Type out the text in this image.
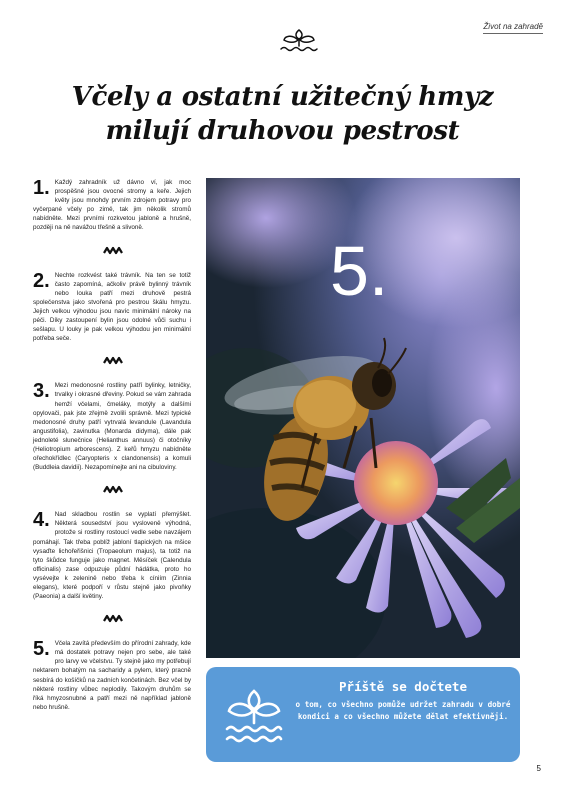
Život na zahradě
Včely a ostatní užitečný hmyz
milují druhovou pestrost
1. Každý zahradník už dávno ví, jak moc prospěšné jsou ovocné stromy a keře. Jejich květy jsou mnohdy prvním zdrojem potravy pro vyčerpané včely po zimě, tak jim několik stromů nabídněte. Mezi prvními rozkvetou jabloně a hrušně, později na ně navážou třešně a slivoně.
2. Nechte rozkvést také trávník. Na ten se totiž často zapomíná, ačkoliv právě bylinný trávník nebo louka patří mezi druhově pestrá společenstva jako stvořená pro pestrou škálu hmyzu. Jejich velkou výhodou jsou navíc minimální nároky na péči. Díky zastoupení bylin jsou odolné vůči suchu i sešlapu. U louky je pak velkou výhodou jen minimální potřeba seče.
3. Mezi medonosné rostliny patří bylinky, letničky, trvalky i okrasné dřeviny. Pokud se vám zahrada hemží včelami, čmeláky, motýly a dalšími opylovači, pak jste zřejmě zvolili správně. Mezi typické medonosné druhy patří vytrvalá levandule (Lavandula angustifolia), zavinutka (Monarda didyma), dále pak jednoleté slunečnice (Helianthus annuus) či otočníky (Heliotropium arborescens). Z keřů hmyzu nabídněte ořechokřídlec (Caryopteris x clandonensis) a komuli (Buddleia davidii). Nezapomínejte ani na cibuloviny.
4. Nad skladbou rostlin se vyplatí přemýšlet. Některá sousedství jsou vysloveně výhodná, protože si rostliny rostoucí vedle sebe navzájem pomáhají. Tak třeba poblíž jabloní tlapických na mšice vysaďte lichořeřišnici (Tropaeolum majus), ta totiž na tyto škůdce funguje jako magnet. Měsíček (Calendula officinalis) zase odpuzuje půdní hádátka, proto ho vysévejte k zelenině nebo třeba k cíniím (Zinnia elegans), které podpoří v růstu stejně jako pivoňky (Paeonia) a další květiny.
5. Včela zavítá především do přírodní zahrady, kde má dostatek potravy nejen pro sebe, ale také pro larvy ve včelstvu. Ty stejně jako my potřebují nektarem bohatým na sacharidy a pylem, který pracně sesbírá do košíčků na zadních končetinách. Bez včel by některé rostliny vůbec neplodily. Takovým druhům se říká hmyzosnubné a patří mezi ně například jabloně nebo hrušně.
5.
Příště se dočtete
o tom, co všechno pomůže udržet zahradu v dobré kondici a co všechno můžete dělat efektivněji.
5
